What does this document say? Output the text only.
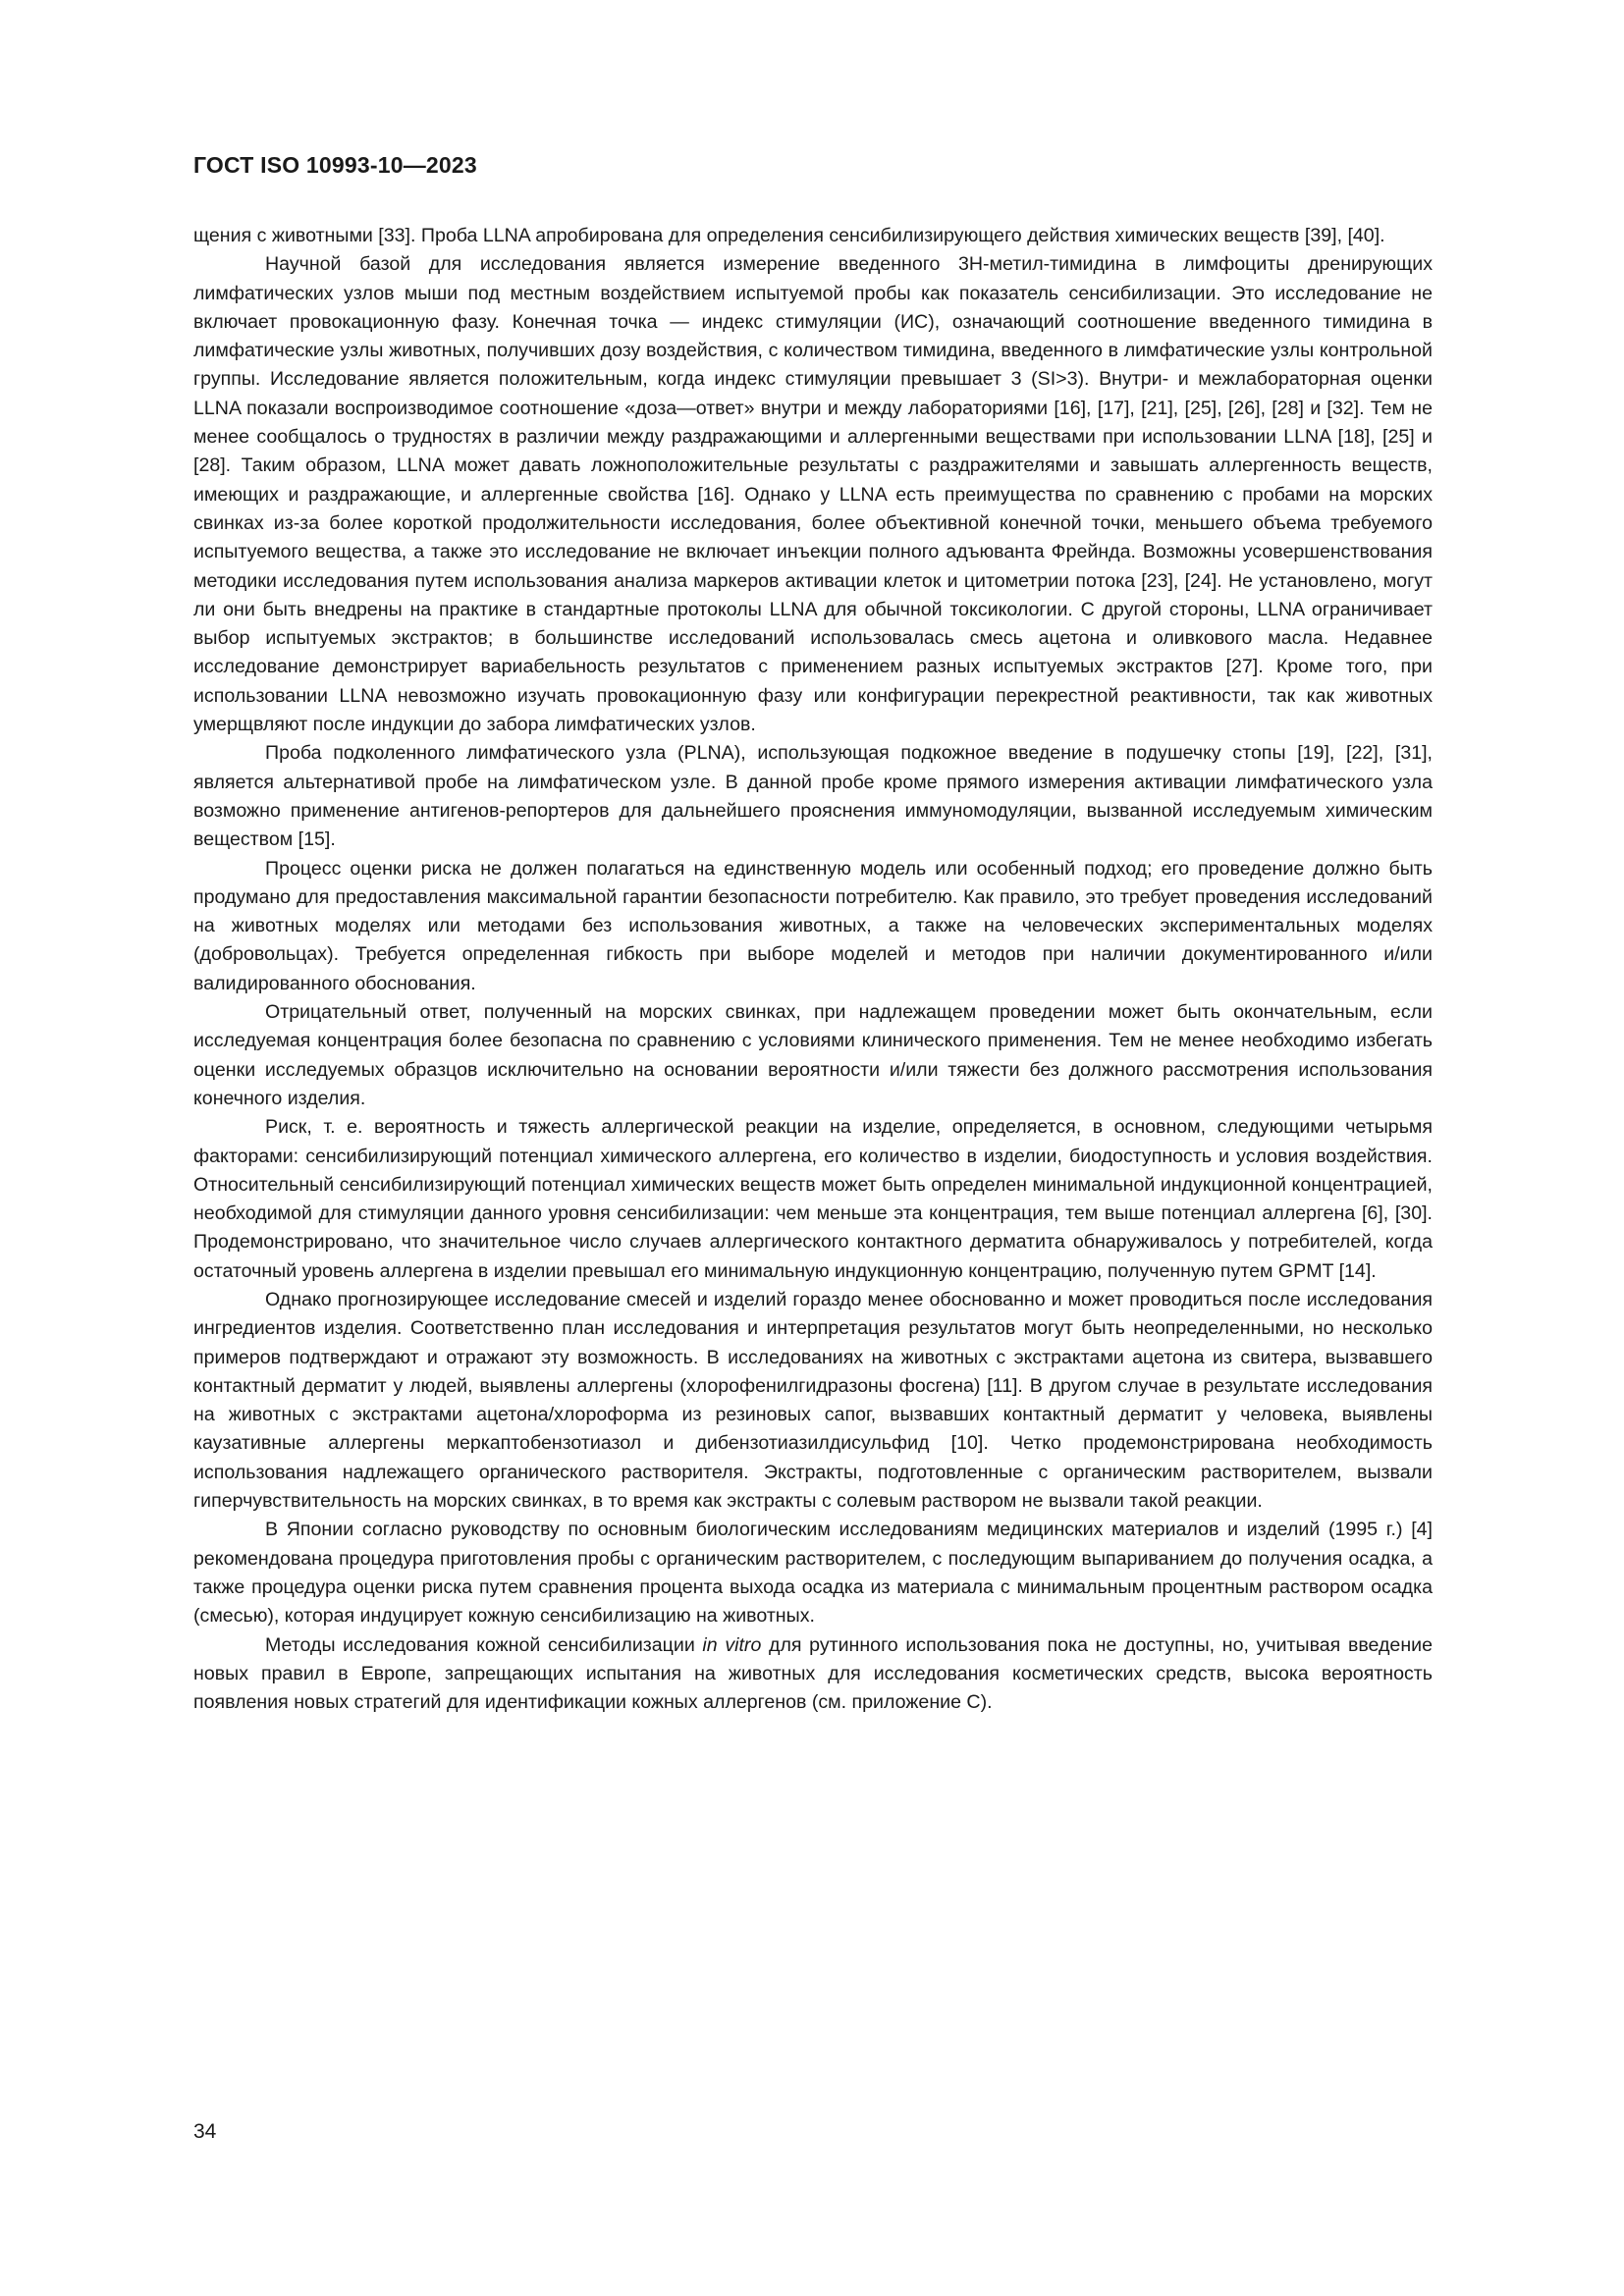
ГОСТ ISO 10993-10—2023

щения с животными [33]. Проба LLNA апробирована для определения сенсибилизирующего действия химических веществ [39], [40].

Научной базой для исследования является измерение введенного 3Н-метил-тимидина в лимфоциты дренирующих лимфатических узлов мыши под местным воздействием испытуемой пробы как показатель сенсибилизации. Это исследование не включает провокационную фазу. Конечная точка — индекс стимуляции (ИС), означающий соотношение введенного тимидина в лимфатические узлы животных, получивших дозу воздействия, с количеством тимидина, введенного в лимфатические узлы контрольной группы. Исследование является положительным, когда индекс стимуляции превышает 3 (SI>3). Внутри- и межлабораторная оценки LLNA показали воспроизводимое соотношение «доза—ответ» внутри и между лабораториями [16], [17], [21], [25], [26], [28] и [32]. Тем не менее сообщалось о трудностях в различии между раздражающими и аллергенными веществами при использовании LLNA [18], [25] и [28]. Таким образом, LLNA может давать ложноположительные результаты с раздражителями и завышать аллергенность веществ, имеющих и раздражающие, и аллергенные свойства [16]. Однако у LLNA есть преимущества по сравнению с пробами на морских свинках из-за более короткой продолжительности исследования, более объективной конечной точки, меньшего объема требуемого испытуемого вещества, а также это исследование не включает инъекции полного адъюванта Фрейнда. Возможны усовершенствования методики исследования путем использования анализа маркеров активации клеток и цитометрии потока [23], [24]. Не установлено, могут ли они быть внедрены на практике в стандартные протоколы LLNA для обычной токсикологии. С другой стороны, LLNA ограничивает выбор испытуемых экстрактов; в большинстве исследований использовалась смесь ацетона и оливкового масла. Недавнее исследование демонстрирует вариабельность результатов с применением разных испытуемых экстрактов [27]. Кроме того, при использовании LLNA невозможно изучать провокационную фазу или конфигурации перекрестной реактивности, так как животных умерщвляют после индукции до забора лимфатических узлов.

Проба подколенного лимфатического узла (PLNA), использующая подкожное введение в подушечку стопы [19], [22], [31], является альтернативой пробе на лимфатическом узле. В данной пробе кроме прямого измерения активации лимфатического узла возможно применение антигенов-репортеров для дальнейшего прояснения иммуномодуляции, вызванной исследуемым химическим веществом [15].

Процесс оценки риска не должен полагаться на единственную модель или особенный подход; его проведение должно быть продумано для предоставления максимальной гарантии безопасности потребителю. Как правило, это требует проведения исследований на животных моделях или методами без использования животных, а также на человеческих экспериментальных моделях (добровольцах). Требуется определенная гибкость при выборе моделей и методов при наличии документированного и/или валидированного обоснования.

Отрицательный ответ, полученный на морских свинках, при надлежащем проведении может быть окончательным, если исследуемая концентрация более безопасна по сравнению с условиями клинического применения. Тем не менее необходимо избегать оценки исследуемых образцов исключительно на основании вероятности и/или тяжести без должного рассмотрения использования конечного изделия.

Риск, т. е. вероятность и тяжесть аллергической реакции на изделие, определяется, в основном, следующими четырьмя факторами: сенсибилизирующий потенциал химического аллергена, его количество в изделии, биодоступность и условия воздействия. Относительный сенсибилизирующий потенциал химических веществ может быть определен минимальной индукционной концентрацией, необходимой для стимуляции данного уровня сенсибилизации: чем меньше эта концентрация, тем выше потенциал аллергена [6], [30]. Продемонстрировано, что значительное число случаев аллергического контактного дерматита обнаруживалось у потребителей, когда остаточный уровень аллергена в изделии превышал его минимальную индукционную концентрацию, полученную путем GPMT [14].

Однако прогнозирующее исследование смесей и изделий гораздо менее обоснованно и может проводиться после исследования ингредиентов изделия. Соответственно план исследования и интерпретация результатов могут быть неопределенными, но несколько примеров подтверждают и отражают эту возможность. В исследованиях на животных с экстрактами ацетона из свитера, вызвавшего контактный дерматит у людей, выявлены аллергены (хлорофенилгидразоны фосгена) [11]. В другом случае в результате исследования на животных с экстрактами ацетона/хлороформа из резиновых сапог, вызвавших контактный дерматит у человека, выявлены каузативные аллергены меркаптобензотиазол и дибензотиазилдисульфид [10]. Четко продемонстрирована необходимость использования надлежащего органического растворителя. Экстракты, подготовленные с органическим растворителем, вызвали гиперчувствительность на морских свинках, в то время как экстракты с солевым раствором не вызвали такой реакции.

В Японии согласно руководству по основным биологическим исследованиям медицинских материалов и изделий (1995 г.) [4] рекомендована процедура приготовления пробы с органическим растворителем, с последующим выпариванием до получения осадка, а также процедура оценки риска путем сравнения процента выхода осадка из материала с минимальным процентным раствором осадка (смесью), которая индуцирует кожную сенсибилизацию на животных.

Методы исследования кожной сенсибилизации in vitro для рутинного использования пока не доступны, но, учитывая введение новых правил в Европе, запрещающих испытания на животных для исследования косметических средств, высока вероятность появления новых стратегий для идентификации кожных аллергенов (см. приложение С).

34
